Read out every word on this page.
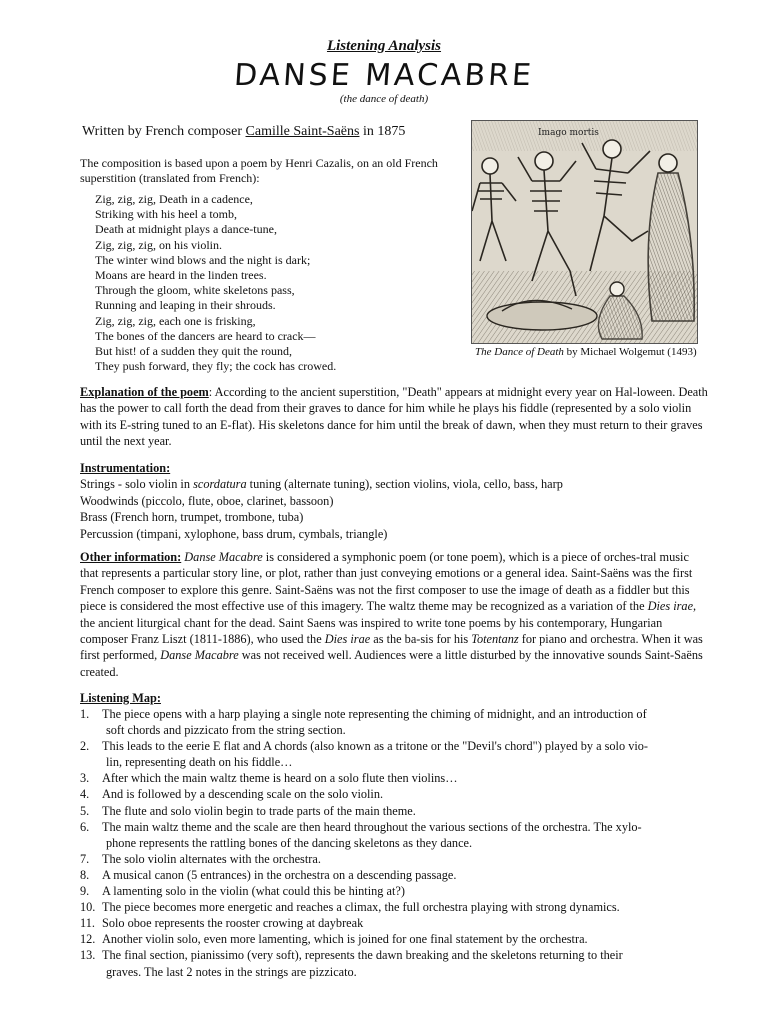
Listening Analysis
DANSE MACABRE
(the dance of death)
Written by French composer Camille Saint-Saëns in 1875
The composition is based upon a poem by Henri Cazalis, on an old French superstition (translated from French):
Zig, zig, zig, Death in a cadence,
Striking with his heel a tomb,
Death at midnight plays a dance-tune,
Zig, zig, zig, on his violin.
The winter wind blows and the night is dark;
Moans are heard in the linden trees.
Through the gloom, white skeletons pass,
Running and leaping in their shrouds.
Zig, zig, zig, each one is frisking,
The bones of the dancers are heard to crack—
But hist! of a sudden they quit the round,
They push forward, they fly; the cock has crowed.
Imago mortis
The Dance of Death by Michael Wolgemut (1493)
Explanation of the poem: According to the ancient superstition, "Death" appears at midnight every year on Hal-loween. Death has the power to call forth the dead from their graves to dance for him while he plays his fiddle (represented by a solo violin with its E-string tuned to an E-flat). His skeletons dance for him until the break of dawn, when they must return to their graves until the next year.
Instrumentation:
Strings - solo violin in scordatura tuning (alternate tuning), section violins, viola, cello, bass, harp
Woodwinds (piccolo, flute, oboe, clarinet, bassoon)
Brass (French horn, trumpet, trombone, tuba)
Percussion (timpani, xylophone, bass drum, cymbals, triangle)
Other information: Danse Macabre is considered a symphonic poem (or tone poem), which is a piece of orches-tral music that represents a particular story line, or plot, rather than just conveying emotions or a general idea. Saint-Saëns was the first French composer to explore this genre. Saint-Saëns was not the first composer to use the image of death as a fiddler but this piece is considered the most effective use of this imagery. The waltz theme may be recognized as a variation of the Dies irae, the ancient liturgical chant for the dead. Saint Saens was inspired to write tone poems by his contemporary, Hungarian composer Franz Liszt (1811-1886), who used the Dies irae as the ba-sis for his Totentanz for piano and orchestra. When it was first performed, Danse Macabre was not received well. Audiences were a little disturbed by the innovative sounds Saint-Saëns created.
Listening Map:
1. The piece opens with a harp playing a single note representing the chiming of midnight, and an introduction of
soft chords and pizzicato from the string section.
2. This leads to the eerie E flat and A chords (also known as a tritone or the "Devil's chord") played by a solo vio-
lin, representing death on his fiddle…
3. After which the main waltz theme is heard on a solo flute then violins…
4. And is followed by a descending scale on the solo violin.
5. The flute and solo violin begin to trade parts of the main theme.
6. The main waltz theme and the scale are then heard throughout the various sections of the orchestra. The xylo-
phone represents the rattling bones of the dancing skeletons as they dance.
7. The solo violin alternates with the orchestra.
8. A musical canon (5 entrances) in the orchestra on a descending passage.
9. A lamenting solo in the violin (what could this be hinting at?)
10. The piece becomes more energetic and reaches a climax, the full orchestra playing with strong dynamics.
11. Solo oboe represents the rooster crowing at daybreak
12. Another violin solo, even more lamenting, which is joined for one final statement by the orchestra.
13. The final section, pianissimo (very soft), represents the dawn breaking and the skeletons returning to their
graves. The last 2 notes in the strings are pizzicato.
